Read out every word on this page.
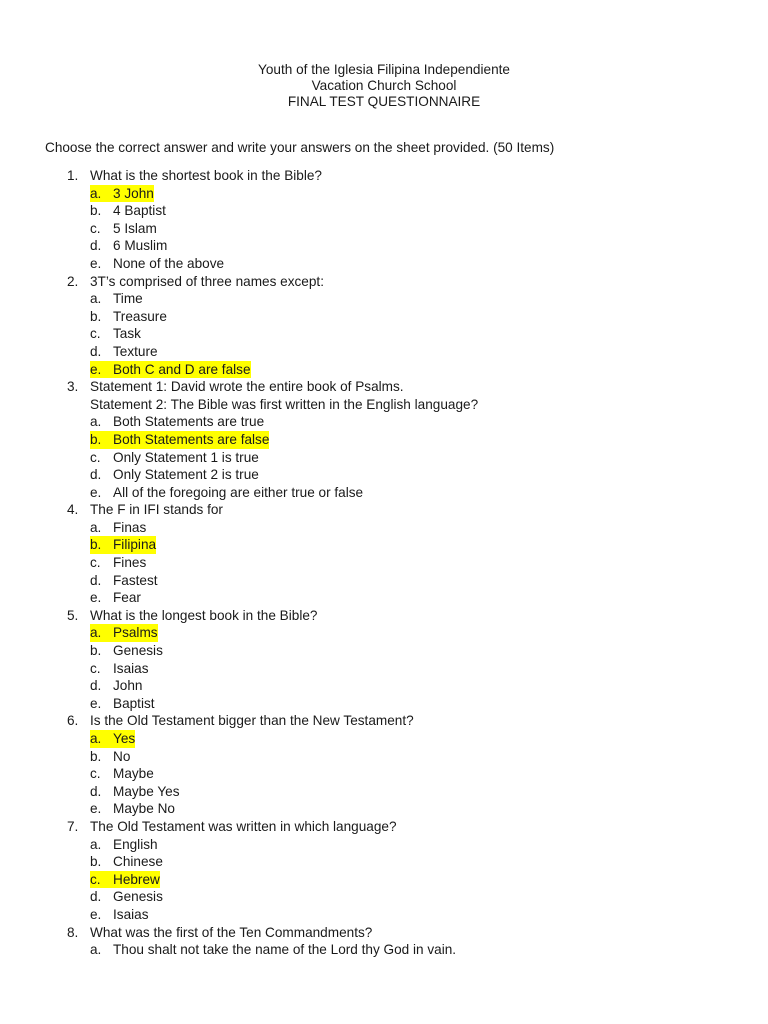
Youth of the Iglesia Filipina Independiente
Vacation Church School
FINAL TEST QUESTIONNAIRE
Choose the correct answer and write your answers on the sheet provided. (50 Items)
1. What is the shortest book in the Bible?
a. 3 John
b. 4 Baptist
c. 5 Islam
d. 6 Muslim
e. None of the above
2. 3T’s comprised of three names except:
a. Time
b. Treasure
c. Task
d. Texture
e. Both C and D are false
3. Statement 1: David wrote the entire book of Psalms.
Statement 2: The Bible was first written in the English language?
a. Both Statements are true
b. Both Statements are false
c. Only Statement 1 is true
d. Only Statement 2 is true
e. All of the foregoing are either true or false
4. The F in IFI stands for
a. Finas
b. Filipina
c. Fines
d. Fastest
e. Fear
5. What is the longest book in the Bible?
a. Psalms
b. Genesis
c. Isaias
d. John
e. Baptist
6. Is the Old Testament bigger than the New Testament?
a. Yes
b. No
c. Maybe
d. Maybe Yes
e. Maybe No
7. The Old Testament was written in which language?
a. English
b. Chinese
c. Hebrew
d. Genesis
e. Isaias
8. What was the first of the Ten Commandments?
a. Thou shalt not take the name of the Lord thy God in vain.
